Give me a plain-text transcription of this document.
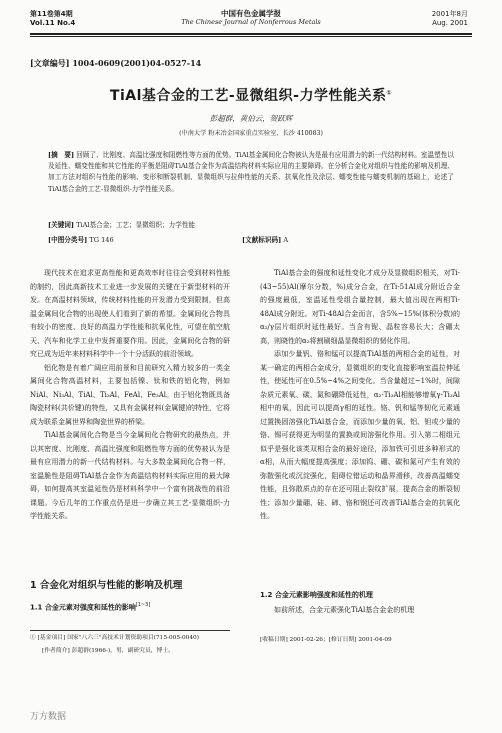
第11卷第4期
Vol.11 No.4
中国有色金属学报
The Chinese Journal of Nonferrous Metals
2001年8月
Aug. 2001
[文章编号] 1004-0609(2001)04-0527-14
TiAl基合金的工艺-显微组织-力学性能关系①
彭超群，黄伯云，贺跃辉
(中南大学 粉末冶金国家重点实验室，长沙 410083)
[摘　要] 回顾了、比刚度、高温比强度和阻燃性等方面的优势。TiAl基金属间化合物被认为是最有应用潜力的新一代结构材料。室温塑性以及延性、蠕变性能和其它性能的平衡是阻碍TiAl基合金作为高温结构材料实际应用的主要障碍。在分析合金化对组织与性能的影响及机理、加工方法对组织与性能的影响、变形和断裂机制、显微组织与拉伸性能的关系、抗氧化性及涂层、蠕变性能与蠕变机制的基础上，论述了TiAl基合金的工艺-显微组织-力学性能关系。
[关键词] TiAl基合金；工艺；显微组织；力学性能
[中图分类号] TG 146	[文献标识码] A

现代技术在追求更高性能和更高效率时往往会受到材料性能的制约，因此高新技术工业进一步发展的关键在于新型材料的开发。在高温材料领域，传统材料性能的开发潜力受到限制，但高温金属间化合物的出现使人们看到了新的希望。金属间化合物具有较小的密度、良好的高温力学性能和抗氧化性，可望在航空航天、汽车和化学工业中发挥重要作用。因此，金属间化合物的研究已成为近年来材料科学中一个十分活跃的前沿领域。

铝化物是有着广阔应用前景和目前研究入精力较多的一类金属间化合物高温材料，主要包括镍、钛和铁的铝化物，例如NiAl、Ni₃Al、TiAl、Ti₃Al、FeAl、Fe₃Al。由于铝化物既具备陶瓷材料(共价键)的特性，又具有金属材料(金属键)的特性，它将成为联系金属世界和陶瓷世界的桥梁。

TiAl基金属间化合物是当今金属间化合物研究的最热点，并以其密度、比刚度、高温比强度和阻燃性等方面的优势被认为是最有应用潜力的新一代结构材料。与大多数金属间化合物一样，室温脆性是阻碍TiAl基合金作为高温结构材料实际应用的最大障碍，如何提高其室温延性仍是材料科学中一个富有挑战性的前沿课题。今后几年的工作重点仍是进一步确立其工艺-显微组织-力学性能关系。

1 合金化对组织与性能的影响及机理
1.1 合金元素对强度和延性的影响[1~3]

TiAl基合金的强度和延性变化才成分及显微组织相关，对Ti-(43~55)Al(摩尔分数，%)成分合金，在Ti-51Al成分附近合金的强度最低，室温延性受组合量控制，最大值出现在两相Ti-48Al成分附近。对Ti-48Al合金而言，含5%~15%(体积分数)的α₂/γ层片组织时延性最好。当含有铌、晶粒容易长大；含硼太高，则晓性的α₂将割刷细晶显微组织的韧化作用。

添加少量钒、铬和锰可以提高TiAl基的两相合金的延性，对某一确定的两相合金成分，显微组织的变化直接影响室温拉伸延性，使延性可在0.5%~4%之间变化。当含量超过~1%时，间隙杂质元素氧、碳、氮和硼降低延性，α₂-Ti₃Al相能够增氧γ-Ti₃Al相中的氧，因此可以提高γ相的延性。铬、钒和锰等韧化元素通过置换固溶强化TiAl基合金，而添加少量的氧、铝、钽或少量的铬、锡可获得更为明显的置换或间溶强化作用。引入第二相组元似乎是强化该类双相合金的最好途径，添加铁可引进多种形式的α相，从而大幅度提高强度；添加钨、硼、碳和氮可产生有效的弥散强化或沉淀强化，阻碍位错运动和晶界滑移，改善高温蠕变性能，且弥散质点的存在还可阻止裂纹扩展，提高合金的断裂韧性；添加少量硼、硅、碲、铬和钢还可改善TiAl基合金的抗氧化性。

1.2 合金元素影响强度和延性的机理
如前所述，合金元素强化TiAl基合金金的机理
① [基金项目] 国家"八六三"高技术计划资助项目(715-005-0040)
[作者简介] 彭超群(1966-)，男，副研究员，博士。
[收稿日期] 2001-02-26；[修订日期] 2001-04-09
万方数据
